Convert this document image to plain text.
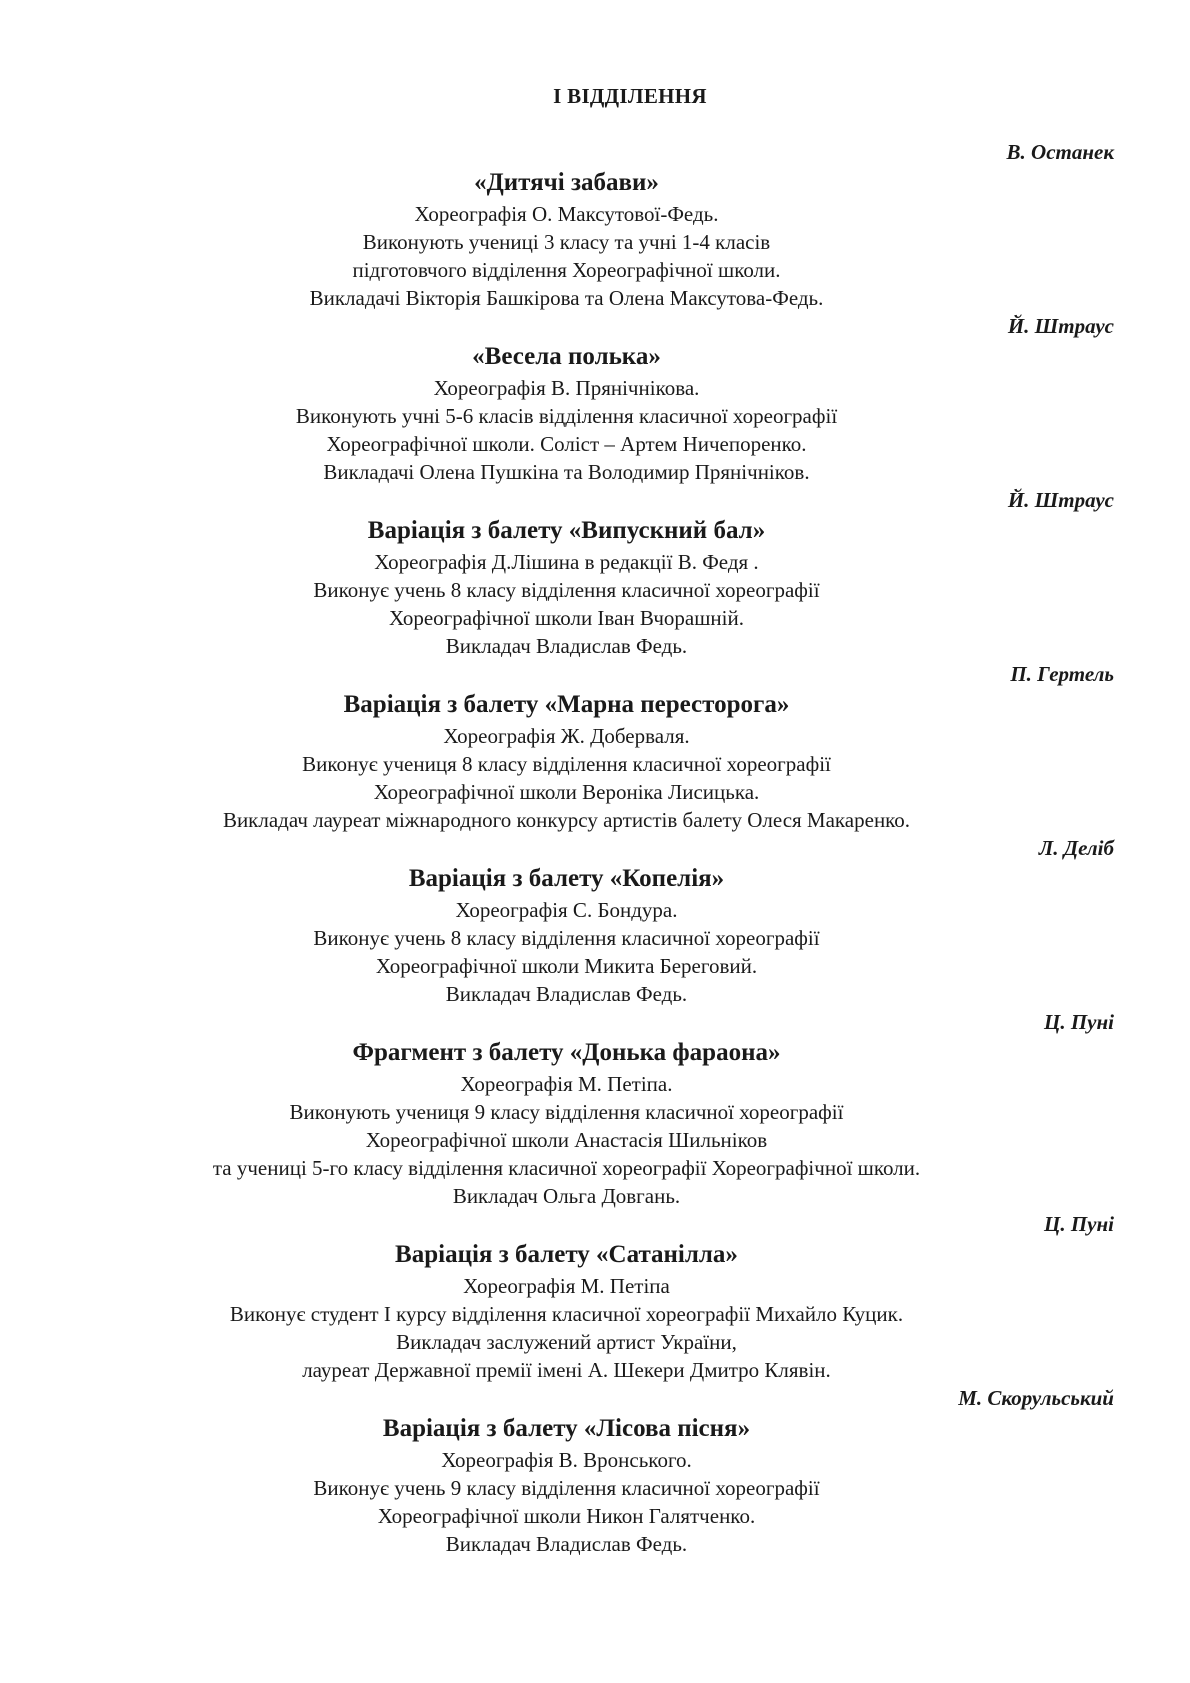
І ВІДДІЛЕННЯ
В. Останек
«Дитячі забави»
Хореографія О. Максутової-Федь.
Виконують учениці 3 класу та учні 1-4 класів
підготовчого відділення Хореографічної школи.
Викладачі Вікторія Башкірова та Олена Максутова-Федь.
Й. Штраус
«Весела полька»
Хореографія В. Прянічнікова.
Виконують учні 5-6 класів відділення класичної хореографії
Хореографічної школи. Соліст – Артем Ничепоренко.
Викладачі Олена Пушкіна та Володимир Прянічніков.
Й. Штраус
Варіація з балету «Випускний бал»
Хореографія Д.Лішина в редакції В. Федя .
Виконує учень 8 класу відділення класичної хореографії
Хореографічної школи Іван Вчорашній.
Викладач Владислав Федь.
П. Гертель
Варіація з балету «Марна пересторога»
Хореографія Ж. Доберваля.
Виконує учениця 8 класу відділення класичної хореографії
Хореографічної школи Вероніка Лисицька.
Викладач лауреат міжнародного конкурсу артистів балету Олеся Макаренко.
Л. Деліб
Варіація з балету «Копелія»
Хореографія С. Бондура.
Виконує учень 8 класу відділення класичної хореографії
Хореографічної школи Микита Береговий.
Викладач Владислав Федь.
Ц. Пуні
Фрагмент з балету «Донька фараона»
Хореографія М. Петіпа.
Виконують учениця 9 класу відділення класичної хореографії
Хореографічної школи Анастасія Шильніков
та учениці 5-го класу відділення класичної хореографії Хореографічної школи.
Викладач Ольга Довгань.
Ц. Пуні
Варіація з балету «Сатанілла»
Хореографія М. Петіпа
Виконує студент І курсу відділення класичної хореографії Михайло Куцик.
Викладач заслужений артист України,
лауреат Державної премії імені А. Шекери Дмитро Клявін.
М. Скорульський
Варіація з балету «Лісова пісня»
Хореографія В. Вронського.
Виконує учень 9 класу відділення класичної хореографії
Хореографічної школи Никон Галятченко.
Викладач Владислав Федь.
